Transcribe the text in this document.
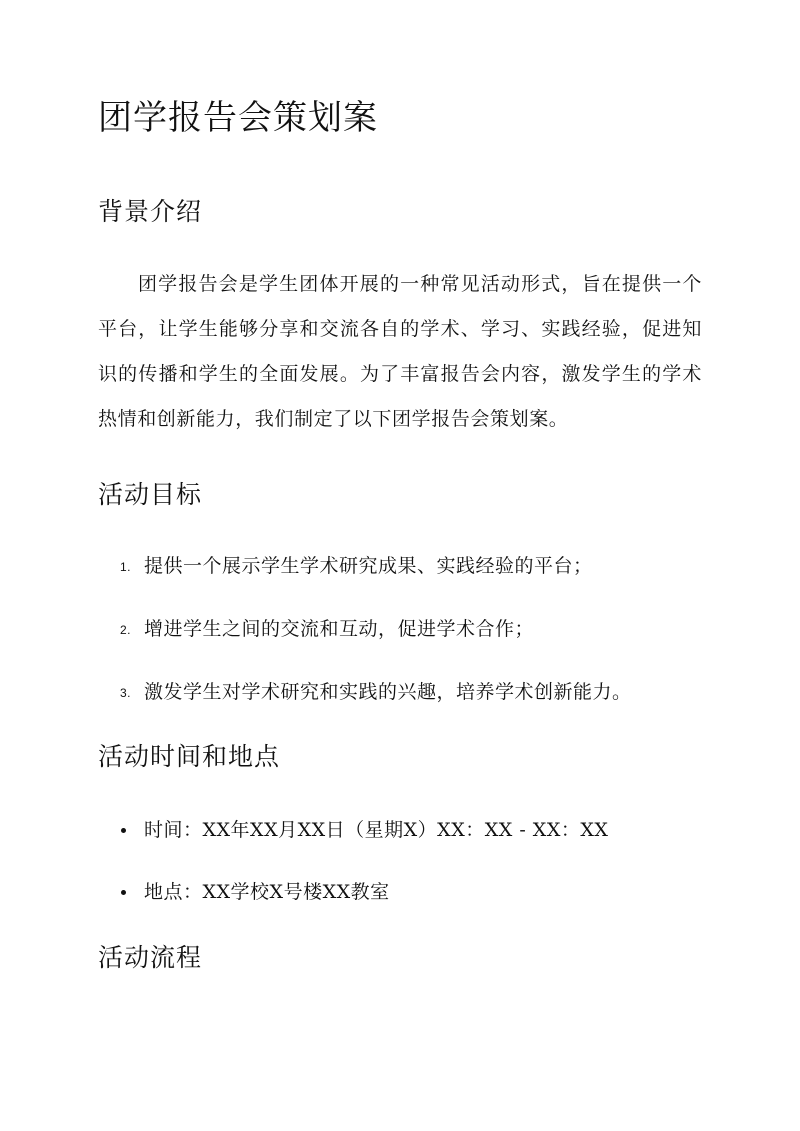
团学报告会策划案
背景介绍

团学报告会是学生团体开展的一种常见活动形式，旨在提供一个平台，让学生能够分享和交流各自的学术、学习、实践经验，促进知识的传播和学生的全面发展。为了丰富报告会内容，激发学生的学术热情和创新能力，我们制定了以下团学报告会策划案。

活动目标
1. 提供一个展示学生学术研究成果、实践经验的平台；
2. 增进学生之间的交流和互动，促进学术合作；
3. 激发学生对学术研究和实践的兴趣，培养学术创新能力。
活动时间和地点
时间：XX年XX月XX日（星期X）XX：XX - XX：XX
地点：XX学校X号楼XX教室
活动流程
